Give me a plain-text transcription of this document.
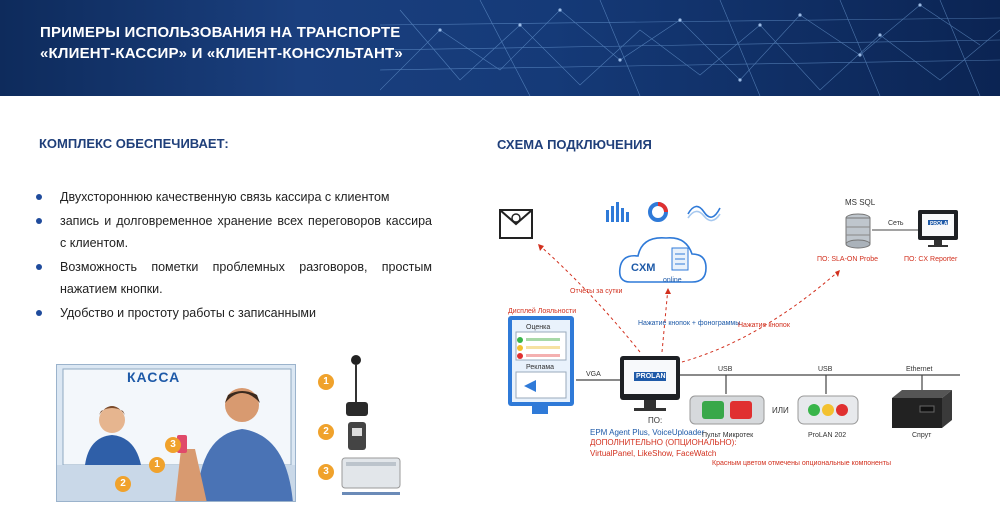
ПРИМЕРЫ ИСПОЛЬЗОВАНИЯ НА ТРАНСПОРТЕ
«КЛИЕНТ-КАССИР» И «КЛИЕНТ-КОНСУЛЬТАНТ»
КОМПЛЕКС ОБЕСПЕЧИВАЕТ:
Двухстороннюю качественную связь кассира с клиентом
запись и долговременное хранение всех переговоров кассира с клиентом.
Возможность пометки проблемных разговоров, простым нажатием кнопки.
Удобство и простоту работы с записанными
СХЕМА ПОДКЛЮЧЕНИЯ
КАССА
3
1
2
1
2
3
CXM
online
MS SQL
Сеть
ПО: SLA-ON Probe	ПО: CX Reporter
Отчеты за сутки
Нажатие кнопок + фонограммы
Нажатие кнопок
Дисплей Лояльности
Оценка
Реклама
VGA
USB	USB	Ethernet
ИЛИ
PROLAN
PROLAN
ПО:
EPM Agent Plus, VoiceUploader
ДОПОЛНИТЕЛЬНО (ОПЦИОНАЛЬНО):
VirtualPanel, LikeShow, FaceWatch
Пульт Микротек	ProLAN 202	Спрут
Красным цветом отмечены опциональные компоненты
